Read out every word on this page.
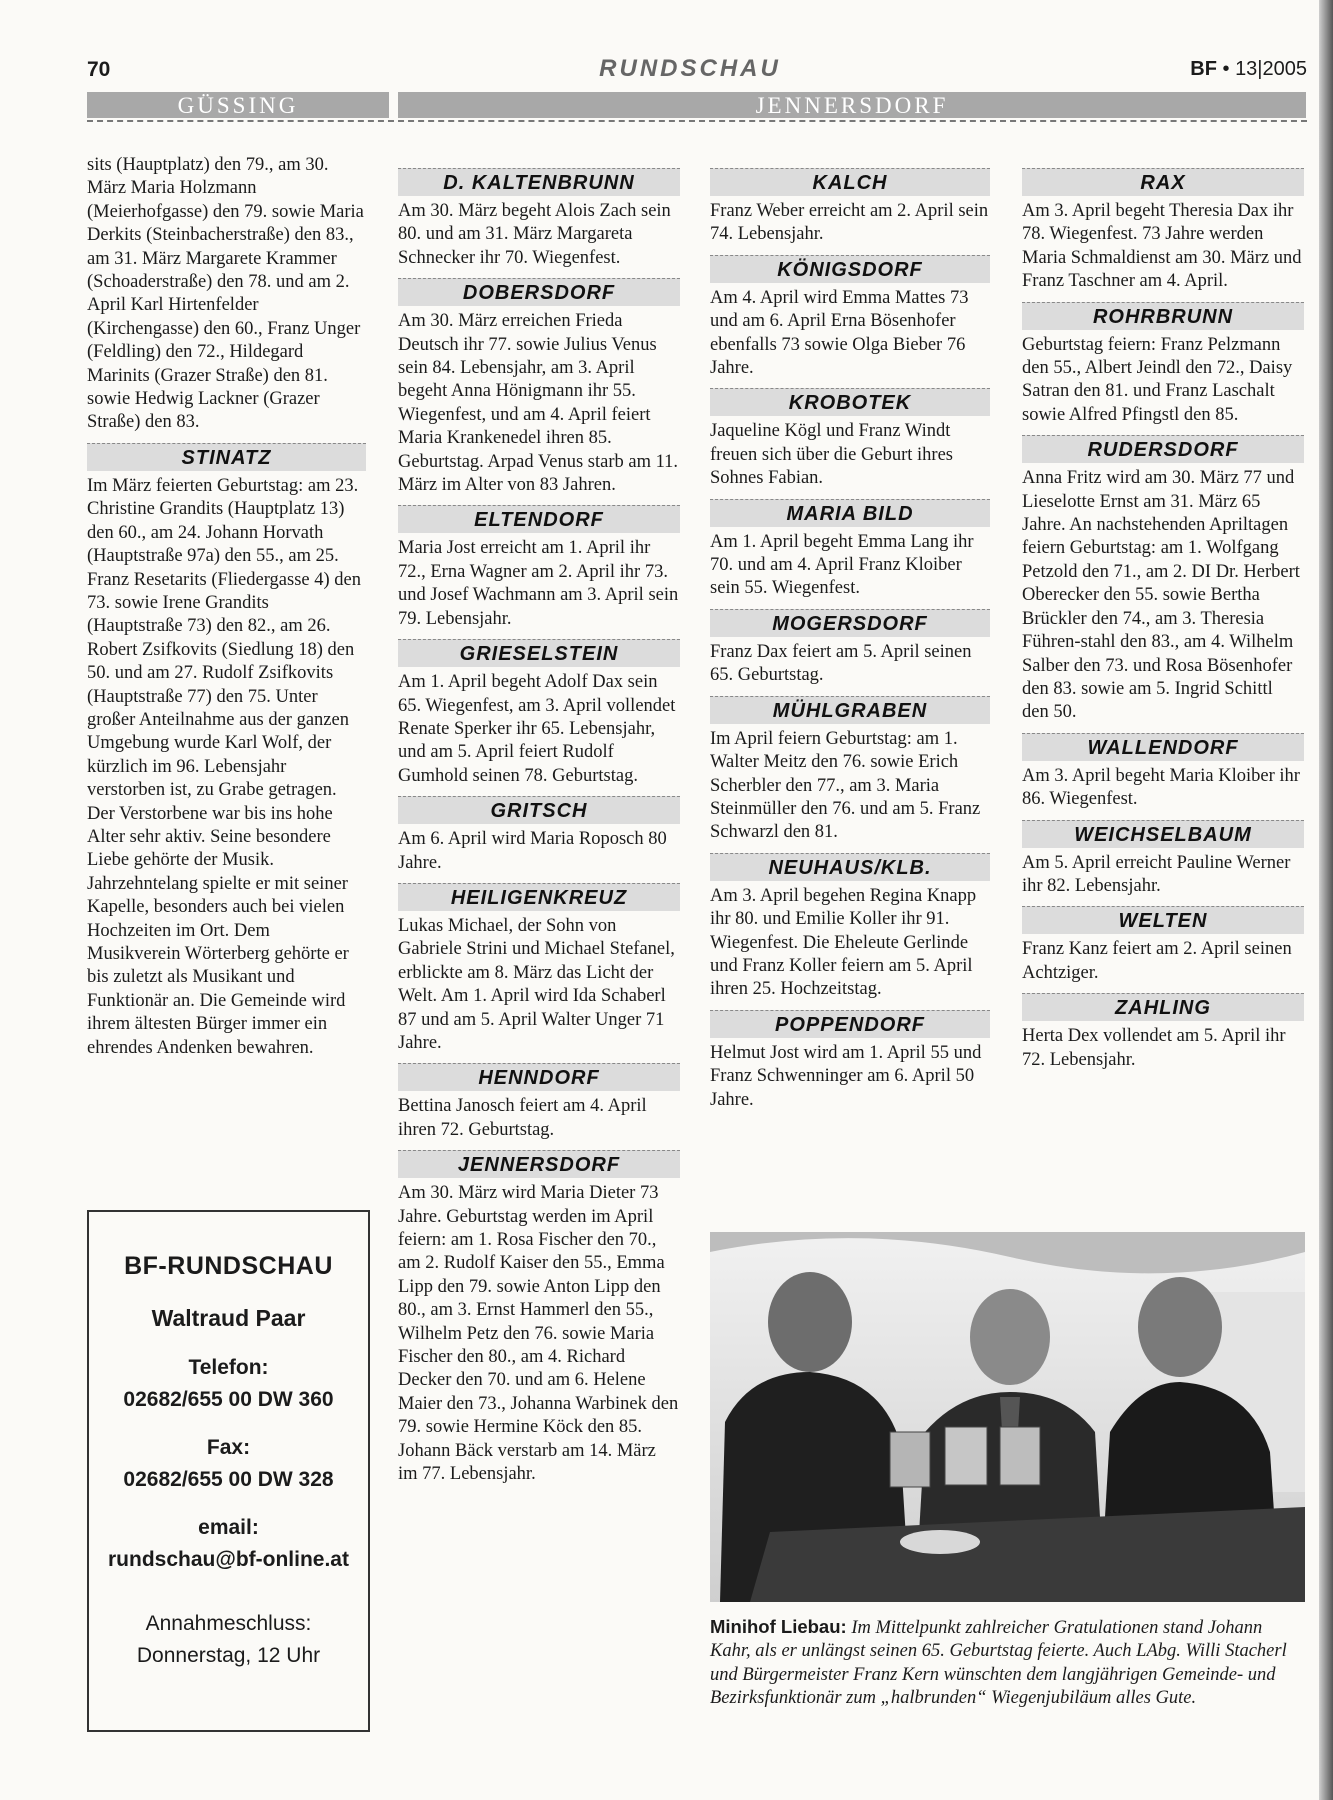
70	RUNDSCHAU	BF • 13|2005
GÜSSING	JENNERSDORF

sits (Hauptplatz) den 79., am 30. März Maria Holzmann (Meierhofgasse) den 79. sowie Maria Derkits (Steinbacherstraße) den 83., am 31. März Margarete Krammer (Schoaderstraße) den 78. und am 2. April Karl Hirtenfelder (Kirchengasse) den 60., Franz Unger (Feldling) den 72., Hildegard Marinits (Grazer Straße) den 81. sowie Hedwig Lackner (Grazer Straße) den 83.

STINATZ

Im März feierten Geburtstag: am 23. Christine Grandits (Hauptplatz 13) den 60., am 24. Johann Horvath (Hauptstraße 97a) den 55., am 25. Franz Resetarits (Fliedergasse 4) den 73. sowie Irene Grandits (Hauptstraße 73) den 82., am 26. Robert Zsifkovits (Siedlung 18) den 50. und am 27. Rudolf Zsifkovits (Hauptstraße 77) den 75. Unter großer Anteilnahme aus der ganzen Umgebung wurde Karl Wolf, der kürzlich im 96. Lebensjahr verstorben ist, zu Grabe getragen. Der Verstorbene war bis ins hohe Alter sehr aktiv. Seine besondere Liebe gehörte der Musik. Jahrzehntelang spielte er mit seiner Kapelle, besonders auch bei vielen Hochzeiten im Ort. Dem Musikverein Wörterberg gehörte er bis zuletzt als Musikant und Funktionär an. Die Gemeinde wird ihrem ältesten Bürger immer ein ehrendes Andenken bewahren.

BF-RUNDSCHAU
Waltraud Paar
Telefon:
02682/655 00 DW 360
Fax:
02682/655 00 DW 328
email:
rundschau@bf-online.at
Annahmeschluss:
Donnerstag, 12 Uhr
D. KALTENBRUNN

Am 30. März begeht Alois Zach sein 80. und am 31. März Margareta Schnecker ihr 70. Wiegenfest.

DOBERSDORF

Am 30. März erreichen Frieda Deutsch ihr 77. sowie Julius Venus sein 84. Lebensjahr, am 3. April begeht Anna Hönigmann ihr 55. Wiegenfest, und am 4. April feiert Maria Krankenedel ihren 85. Geburtstag. Arpad Venus starb am 11. März im Alter von 83 Jahren.

ELTENDORF

Maria Jost erreicht am 1. April ihr 72., Erna Wagner am 2. April ihr 73. und Josef Wachmann am 3. April sein 79. Lebensjahr.

GRIESELSTEIN

Am 1. April begeht Adolf Dax sein 65. Wiegenfest, am 3. April vollendet Renate Sperker ihr 65. Lebensjahr, und am 5. April feiert Rudolf Gumhold seinen 78. Geburtstag.

GRITSCH

Am 6. April wird Maria Roposch 80 Jahre.

HEILIGENKREUZ

Lukas Michael, der Sohn von Gabriele Strini und Michael Stefanel, erblickte am 8. März das Licht der Welt. Am 1. April wird Ida Schaberl 87 und am 5. April Walter Unger 71 Jahre.

HENNDORF

Bettina Janosch feiert am 4. April ihren 72. Geburtstag.

JENNERSDORF

Am 30. März wird Maria Dieter 73 Jahre. Geburtstag werden im April feiern: am 1. Rosa Fischer den 70., am 2. Rudolf Kaiser den 55., Emma Lipp den 79. sowie Anton Lipp den 80., am 3. Ernst Hammerl den 55., Wilhelm Petz den 76. sowie Maria Fischer den 80., am 4. Richard Decker den 70. und am 6. Helene Maier den 73., Johanna Warbinek den 79. sowie Hermine Köck den 85. Johann Bäck verstarb am 14. März im 77. Lebensjahr.

KALCH

Franz Weber erreicht am 2. April sein 74. Lebensjahr.

KÖNIGSDORF

Am 4. April wird Emma Mattes 73 und am 6. April Erna Bösenhofer ebenfalls 73 sowie Olga Bieber 76 Jahre.

KROBOTEK

Jaqueline Kögl und Franz Windt freuen sich über die Geburt ihres Sohnes Fabian.

MARIA BILD

Am 1. April begeht Emma Lang ihr 70. und am 4. April Franz Kloiber sein 55. Wiegenfest.

MOGERSDORF

Franz Dax feiert am 5. April seinen 65. Geburtstag.

MÜHLGRABEN

Im April feiern Geburtstag: am 1. Walter Meitz den 76. sowie Erich Scherbler den 77., am 3. Maria Steinmüller den 76. und am 5. Franz Schwarzl den 81.

NEUHAUS/KLB.

Am 3. April begehen Regina Knapp ihr 80. und Emilie Koller ihr 91. Wiegenfest. Die Eheleute Gerlinde und Franz Koller feiern am 5. April ihren 25. Hochzeitstag.

POPPENDORF

Helmut Jost wird am 1. April 55 und Franz Schwenninger am 6. April 50 Jahre.

RAX

Am 3. April begeht Theresia Dax ihr 78. Wiegenfest. 73 Jahre werden Maria Schmaldienst am 30. März und Franz Taschner am 4. April.

ROHRBRUNN

Geburtstag feiern: Franz Pelzmann den 55., Albert Jeindl den 72., Daisy Satran den 81. und Franz Laschalt sowie Alfred Pfingstl den 85.

RUDERSDORF

Anna Fritz wird am 30. März 77 und Lieselotte Ernst am 31. März 65 Jahre. An nachstehenden Apriltagen feiern Geburtstag: am 1. Wolfgang Petzold den 71., am 2. DI Dr. Herbert Oberecker den 55. sowie Bertha Brückler den 74., am 3. Theresia Führen-stahl den 83., am 4. Wilhelm Salber den 73. und Rosa Bösenhofer den 83. sowie am 5. Ingrid Schittl den 50.

WALLENDORF

Am 3. April begeht Maria Kloiber ihr 86. Wiegenfest.

WEICHSELBAUM

Am 5. April erreicht Pauline Werner ihr 82. Lebensjahr.

WELTEN

Franz Kanz feiert am 2. April seinen Achtziger.

ZAHLING

Herta Dex vollendet am 5. April ihr 72. Lebensjahr.

Minihof Liebau: Im Mittelpunkt zahlreicher Gratulationen stand Johann Kahr, als er unlängst seinen 65. Geburtstag feierte. Auch LAbg. Willi Stacherl und Bürgermeister Franz Kern wünschten dem langjährigen Gemeinde- und Bezirksfunktionär zum „halbrunden“ Wiegenjubiläum alles Gute.
